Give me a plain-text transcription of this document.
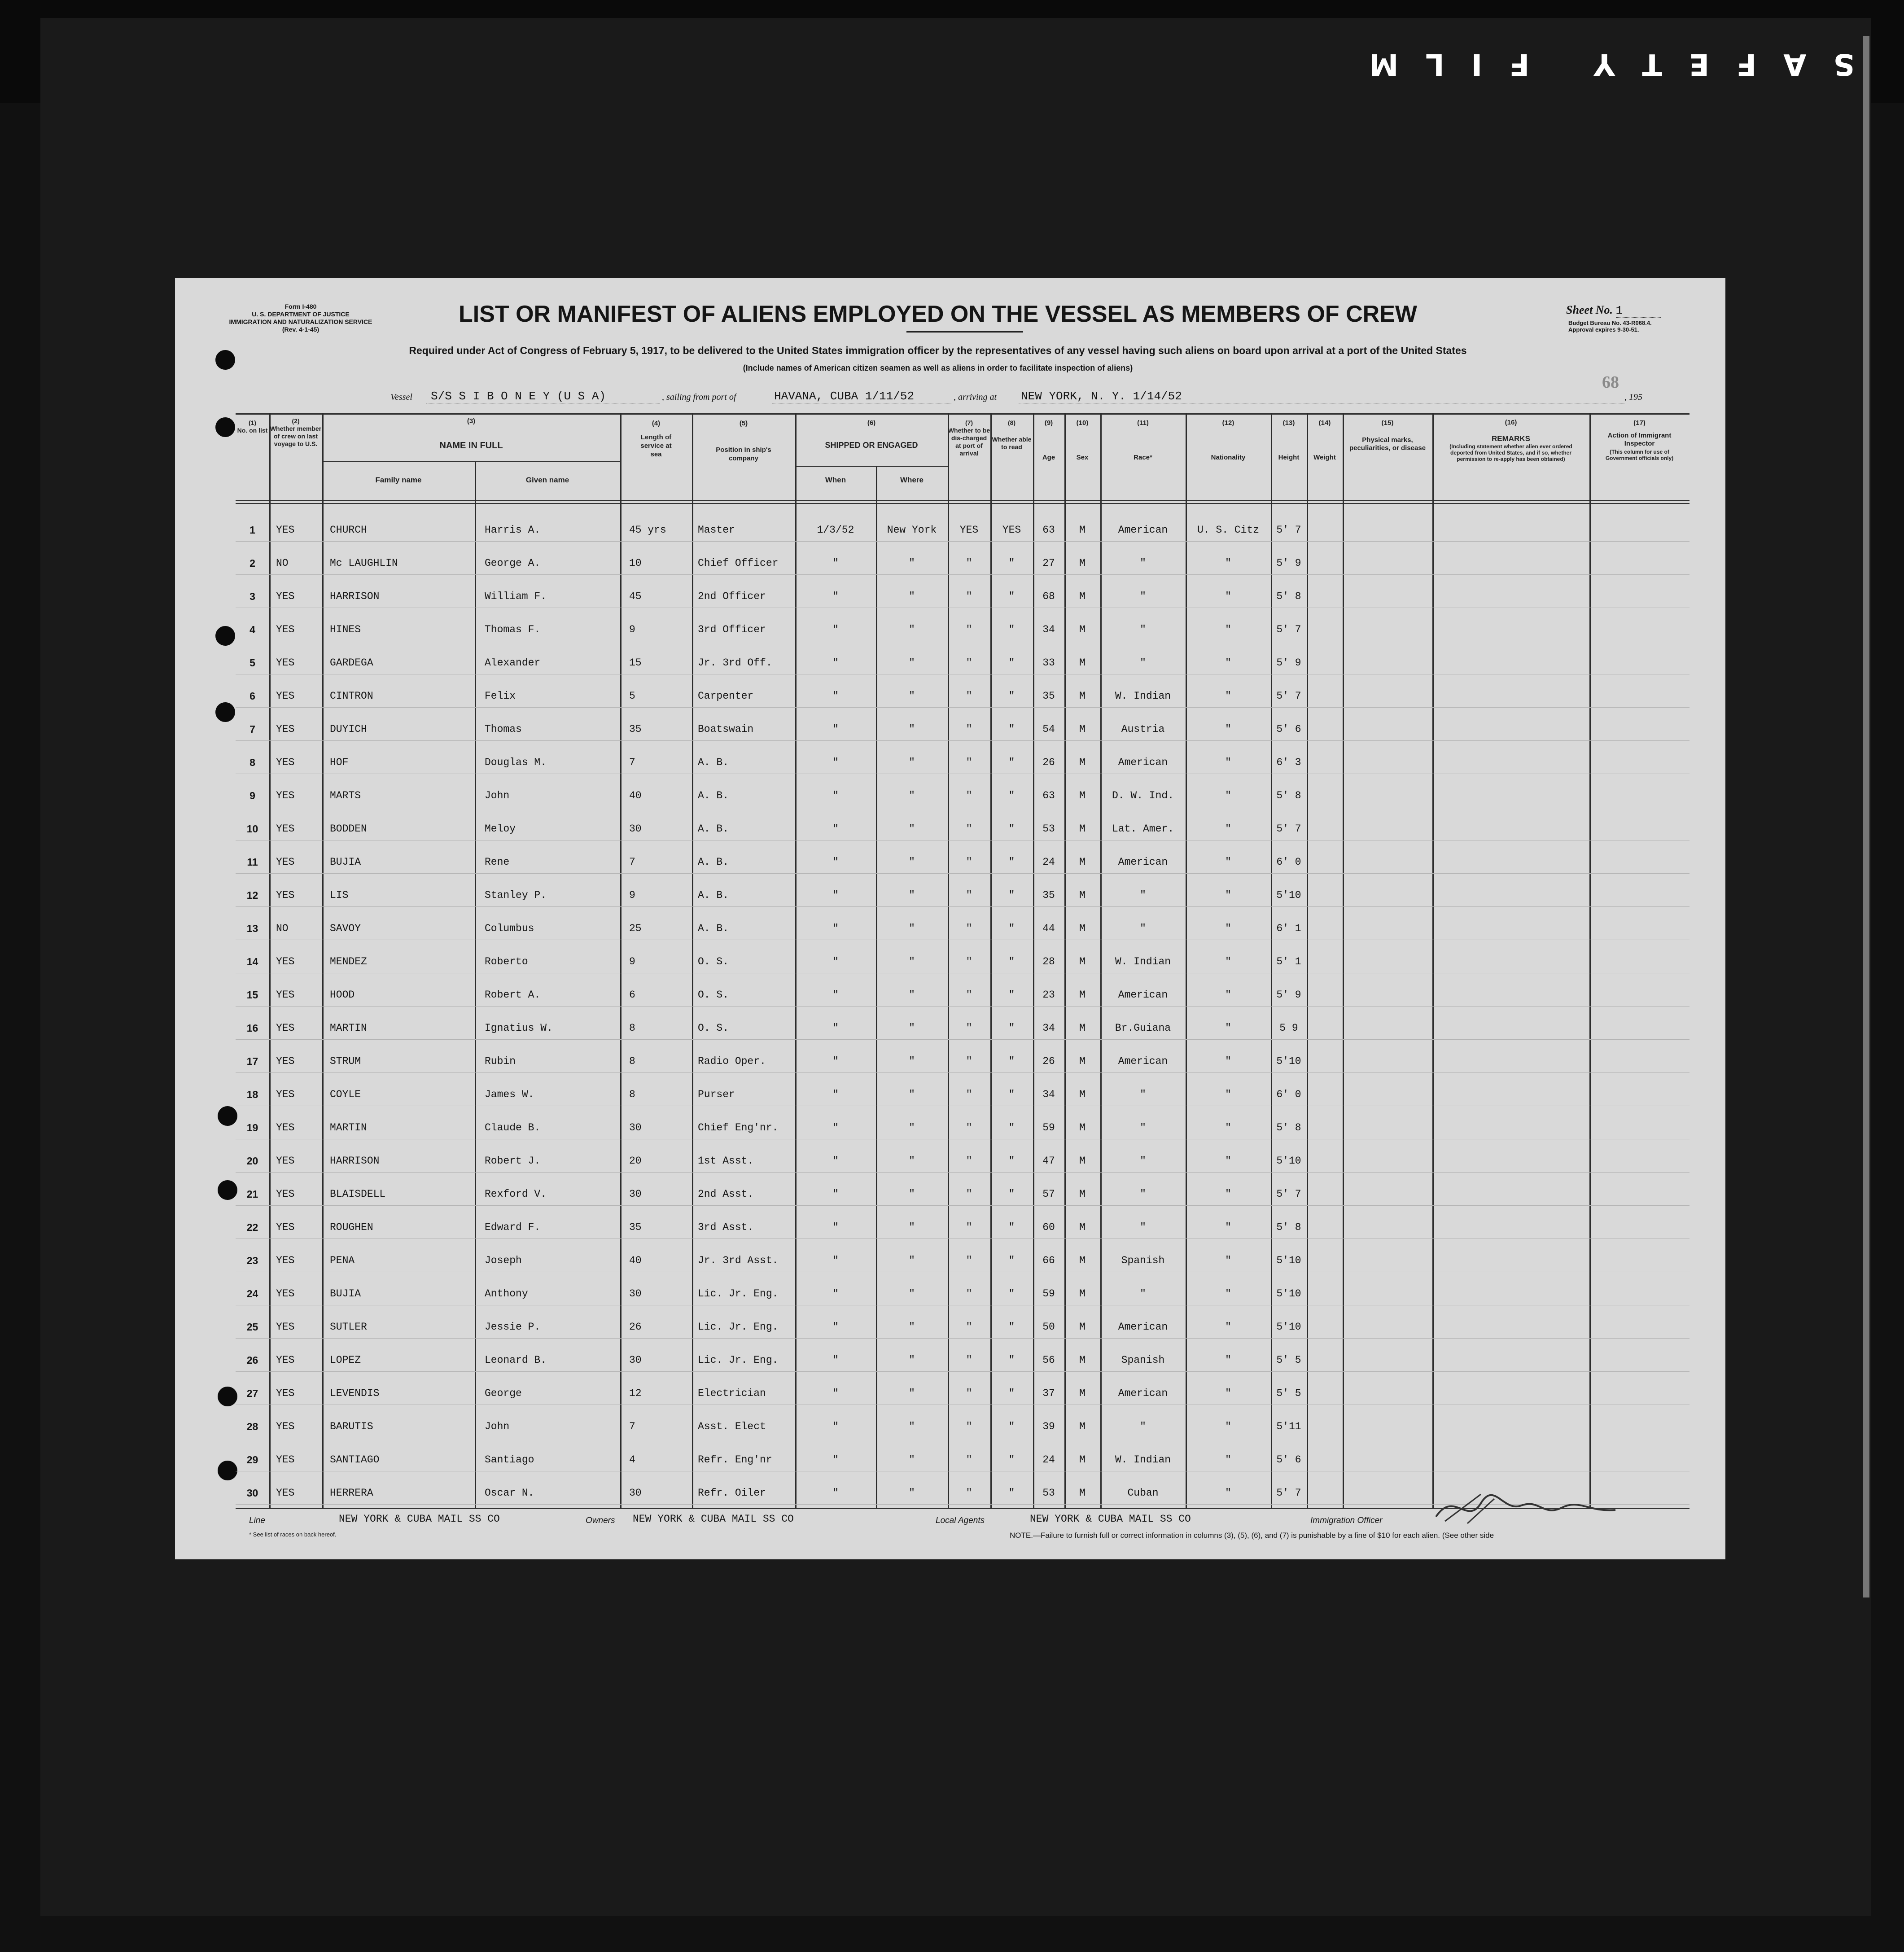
SAFETY FILM
Form I-480
U. S. DEPARTMENT OF JUSTICE
IMMIGRATION AND NATURALIZATION SERVICE
(Rev. 4-1-45)
LIST OR MANIFEST OF ALIENS EMPLOYED ON THE VESSEL AS MEMBERS OF CREW
Required under Act of Congress of February 5, 1917, to be delivered to the United States immigration officer by the representatives of any vessel having such aliens on board upon arrival at a port of the United States
(Include names of American citizen seamen as well as aliens in order to facilitate inspection of aliens)
Sheet No. 1
Budget Bureau No. 43-R068.4.
Approval expires 9-30-51.
68
Vessel S/S S I B O N E Y (U S A)	, sailing from port of	HAVANA, CUBA 1/11/52	, arriving at NEW YORK, N. Y. 1/14/52	, 195
(1)
No. on list
(2)
Whether member of crew on last voyage to U.S.
(3)
NAME IN FULL
Family name	Given name
(4)
Length of service at sea
(5)
Position in ship's company
(6)
SHIPPED OR ENGAGED
When	Where
(7)
Whether to be dis-charged at port of arrival
(8)
Whether able to read
(9)
Age
(10)
Sex
(11)
Race*
(12)
Nationality
(13)
Height
(14)
Weight
(15)
Physical marks, peculiarities, or disease
(16)
REMARKS
(Including statement whether alien ever ordered deported from United States, and if so, whether permission to re-apply has been obtained)
(17)
Action of Immigrant Inspector
(This column for use of Government officials only)
1	YES	CHURCH	Harris A.	45 yrs	Master	1/3/52	New York	YES	YES	63	M	American	U. S. Citz	5' 7
2	NO	Mc LAUGHLIN	George A.	10	Chief Officer	"	"	"	"	27	M	"	"	5' 9
3	YES	HARRISON	William F.	45	2nd Officer	"	"	"	"	68	M	"	"	5' 8
4	YES	HINES	Thomas F.	9	3rd Officer	"	"	"	"	34	M	"	"	5' 7
5	YES	GARDEGA	Alexander	15	Jr. 3rd Off.	"	"	"	"	33	M	"	"	5' 9
6	YES	CINTRON	Felix	5	Carpenter	"	"	"	"	35	M	W. Indian	"	5' 7
7	YES	DUYICH	Thomas	35	Boatswain	"	"	"	"	54	M	Austria	"	5' 6
8	YES	HOF	Douglas M.	7	A. B.	"	"	"	"	26	M	American	"	6' 3
9	YES	MARTS	John	40	A. B.	"	"	"	"	63	M	D. W. Ind.	"	5' 8
10	YES	BODDEN	Meloy	30	A. B.	"	"	"	"	53	M	Lat. Amer.	"	5' 7
11	YES	BUJIA	Rene	7	A. B.	"	"	"	"	24	M	American	"	6' 0
12	YES	LIS	Stanley P.	9	A. B.	"	"	"	"	35	M	"	"	5'10
13	NO	SAVOY	Columbus	25	A. B.	"	"	"	"	44	M	"	"	6' 1
14	YES	MENDEZ	Roberto	9	O. S.	"	"	"	"	28	M	W. Indian	"	5' 1
15	YES	HOOD	Robert A.	6	O. S.	"	"	"	"	23	M	American	"	5' 9
16	YES	MARTIN	Ignatius W.	8	O. S.	"	"	"	"	34	M	Br.Guiana	"	5 9
17	YES	STRUM	Rubin	8	Radio Oper.	"	"	"	"	26	M	American	"	5'10
18	YES	COYLE	James W.	8	Purser	"	"	"	"	34	M	"	"	6' 0
19	YES	MARTIN	Claude B.	30	Chief Eng'nr.	"	"	"	"	59	M	"	"	5' 8
20	YES	HARRISON	Robert J.	20	1st Asst.	"	"	"	"	47	M	"	"	5'10
21	YES	BLAISDELL	Rexford V.	30	2nd Asst.	"	"	"	"	57	M	"	"	5' 7
22	YES	ROUGHEN	Edward F.	35	3rd Asst.	"	"	"	"	60	M	"	"	5' 8
23	YES	PENA	Joseph	40	Jr. 3rd Asst.	"	"	"	"	66	M	Spanish	"	5'10
24	YES	BUJIA	Anthony	30	Lic. Jr. Eng.	"	"	"	"	59	M	"	"	5'10
25	YES	SUTLER	Jessie P.	26	Lic. Jr. Eng.	"	"	"	"	50	M	American	"	5'10
26	YES	LOPEZ	Leonard B.	30	Lic. Jr. Eng.	"	"	"	"	56	M	Spanish	"	5' 5
27	YES	LEVENDIS	George	12	Electrician	"	"	"	"	37	M	American	"	5' 5
28	YES	BARUTIS	John	7	Asst. Elect	"	"	"	"	39	M	"	"	5'11
29	YES	SANTIAGO	Santiago	4	Refr. Eng'nr	"	"	"	"	24	M	W. Indian	"	5' 6
30	YES	HERRERA	Oscar N.	30	Refr. Oiler	"	"	"	"	53	M	Cuban	"	5' 7
Line	NEW YORK & CUBA MAIL SS CO	Owners NEW YORK & CUBA MAIL SS CO	Local Agents	NEW YORK & CUBA MAIL SS CO	Immigration Officer
* See list of races on back hereof.	NOTE.—Failure to furnish full or correct information in columns (3), (5), (6), and (7) is punishable by a fine of $10 for each alien. (See other side
